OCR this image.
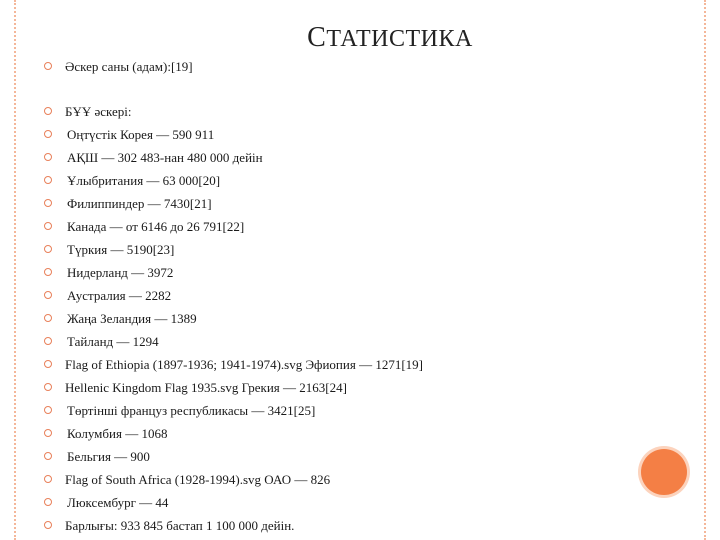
СТАТИСТИКА
Әскер саны (адам):[19]
БҰҰ әскері:
Оңтүстік Корея — 590 911
АҚШ — 302 483-нан 480 000 дейін
Ұлыбритания — 63 000[20]
Филиппиндер — 7430[21]
Канада — от 6146 до 26 791[22]
Түркия — 5190[23]
Нидерланд — 3972
Аустралия — 2282
Жаңа Зеландия — 1389
Тайланд — 1294
Flag of Ethiopia (1897-1936; 1941-1974).svg Эфиопия — 1271[19]
Hellenic Kingdom Flag 1935.svg Грекия — 2163[24]
Төртінші француз республикасы — 3421[25]
Колумбия — 1068
Бельгия — 900
Flag of South Africa (1928-1994).svg ОАО — 826
Люксембург — 44
Барлығы: 933 845 бастап 1 100 000 дейін.
